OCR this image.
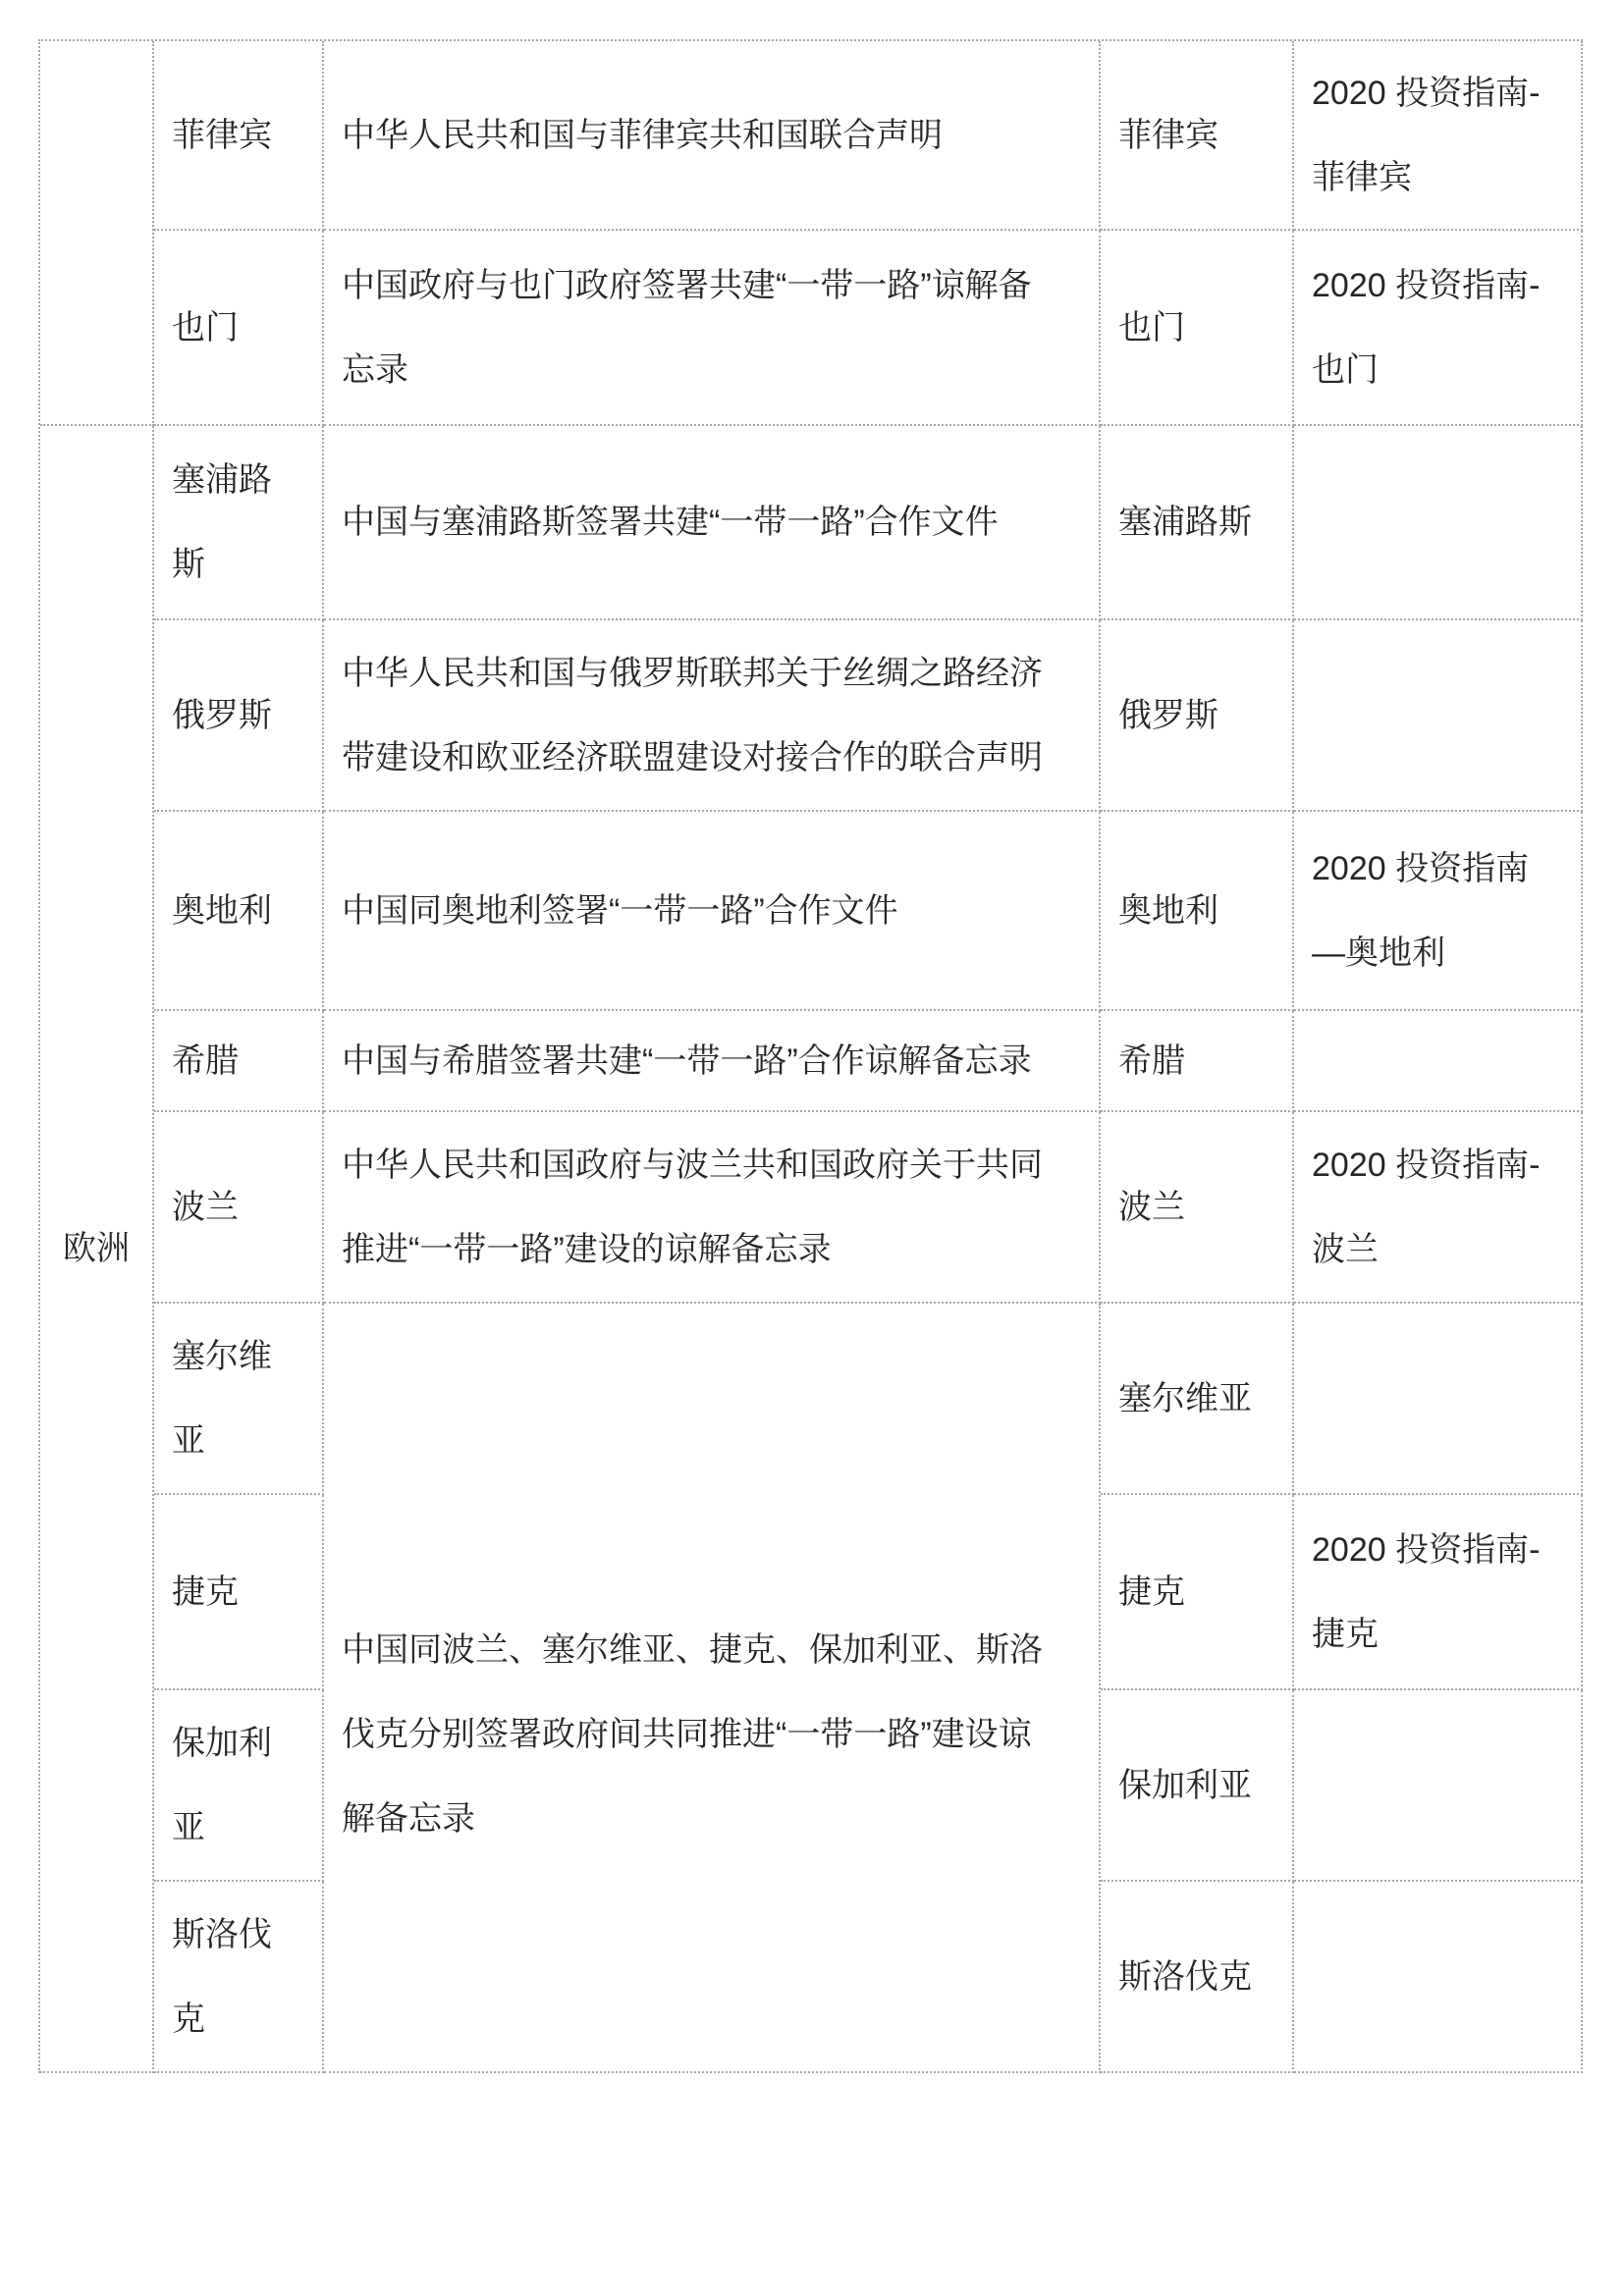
欧洲
菲律宾
也门
塞浦路
斯
俄罗斯
奥地利
希腊
波兰
塞尔维
亚
捷克
保加利
亚
斯洛伐
克
中华人民共和国与菲律宾共和国联合声明
中国政府与也门政府签署共建“一带一路”谅解备
忘录
中国与塞浦路斯签署共建“一带一路”合作文件
中华人民共和国与俄罗斯联邦关于丝绸之路经济
带建设和欧亚经济联盟建设对接合作的联合声明
中国同奥地利签署“一带一路”合作文件
中国与希腊签署共建“一带一路”合作谅解备忘录
中华人民共和国政府与波兰共和国政府关于共同
推进“一带一路”建设的谅解备忘录
中国同波兰、塞尔维亚、捷克、保加利亚、斯洛
伐克分别签署政府间共同推进“一带一路”建设谅
解备忘录
菲律宾
也门
塞浦路斯
俄罗斯
奥地利
希腊
波兰
塞尔维亚
捷克
保加利亚
斯洛伐克
2020 投资指南-
菲律宾
2020 投资指南-
也门
2020 投资指南
—奥地利
2020 投资指南-
波兰
2020 投资指南-
捷克
